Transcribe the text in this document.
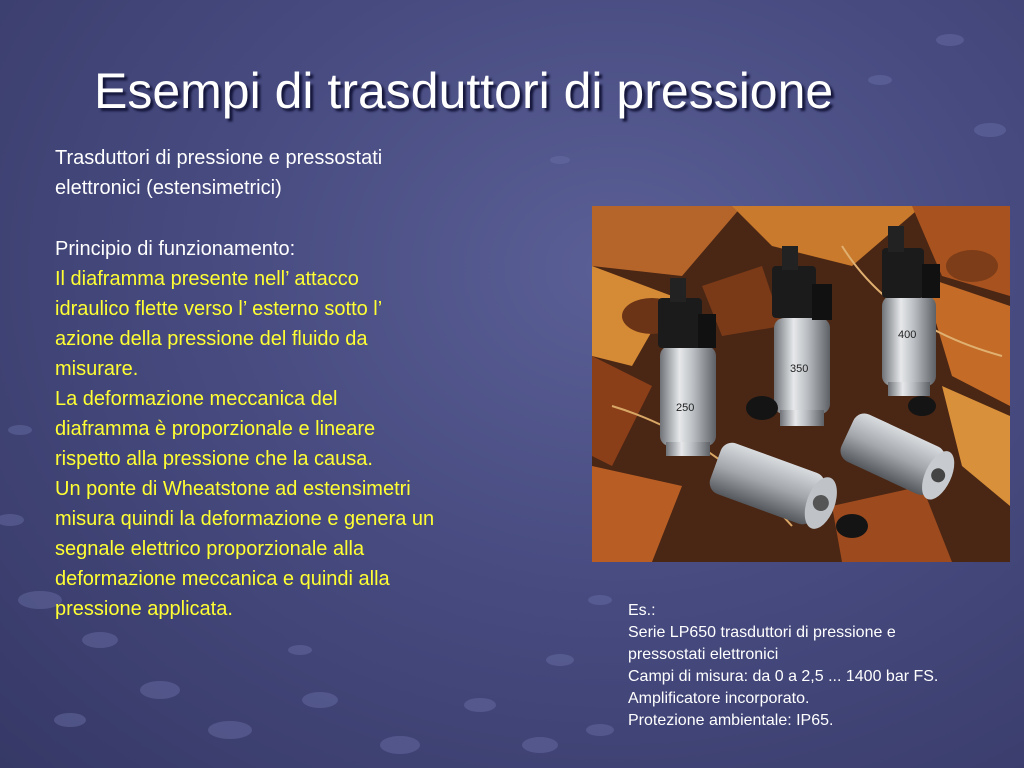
Esempi di trasduttori di pressione

Trasduttori di pressione e pressostati

elettronici (estensimetrici)

Principio di funzionamento:

Il diaframma presente nell’ attacco

idraulico flette verso l’ esterno sotto l’

azione della pressione del fluido da

misurare.

La deformazione meccanica del

diaframma è proporzionale e lineare

rispetto alla pressione che la causa.

Un ponte di Wheatstone ad estensimetri

misura quindi la deformazione e genera un

segnale elettrico proporzionale alla

deformazione meccanica e quindi alla

pressione applicata.

250
350
400

Es.:

Serie LP650 trasduttori di pressione e

pressostati elettronici

Campi di misura: da 0 a 2,5 ... 1400 bar FS.

Amplificatore incorporato.

Protezione ambientale: IP65.
